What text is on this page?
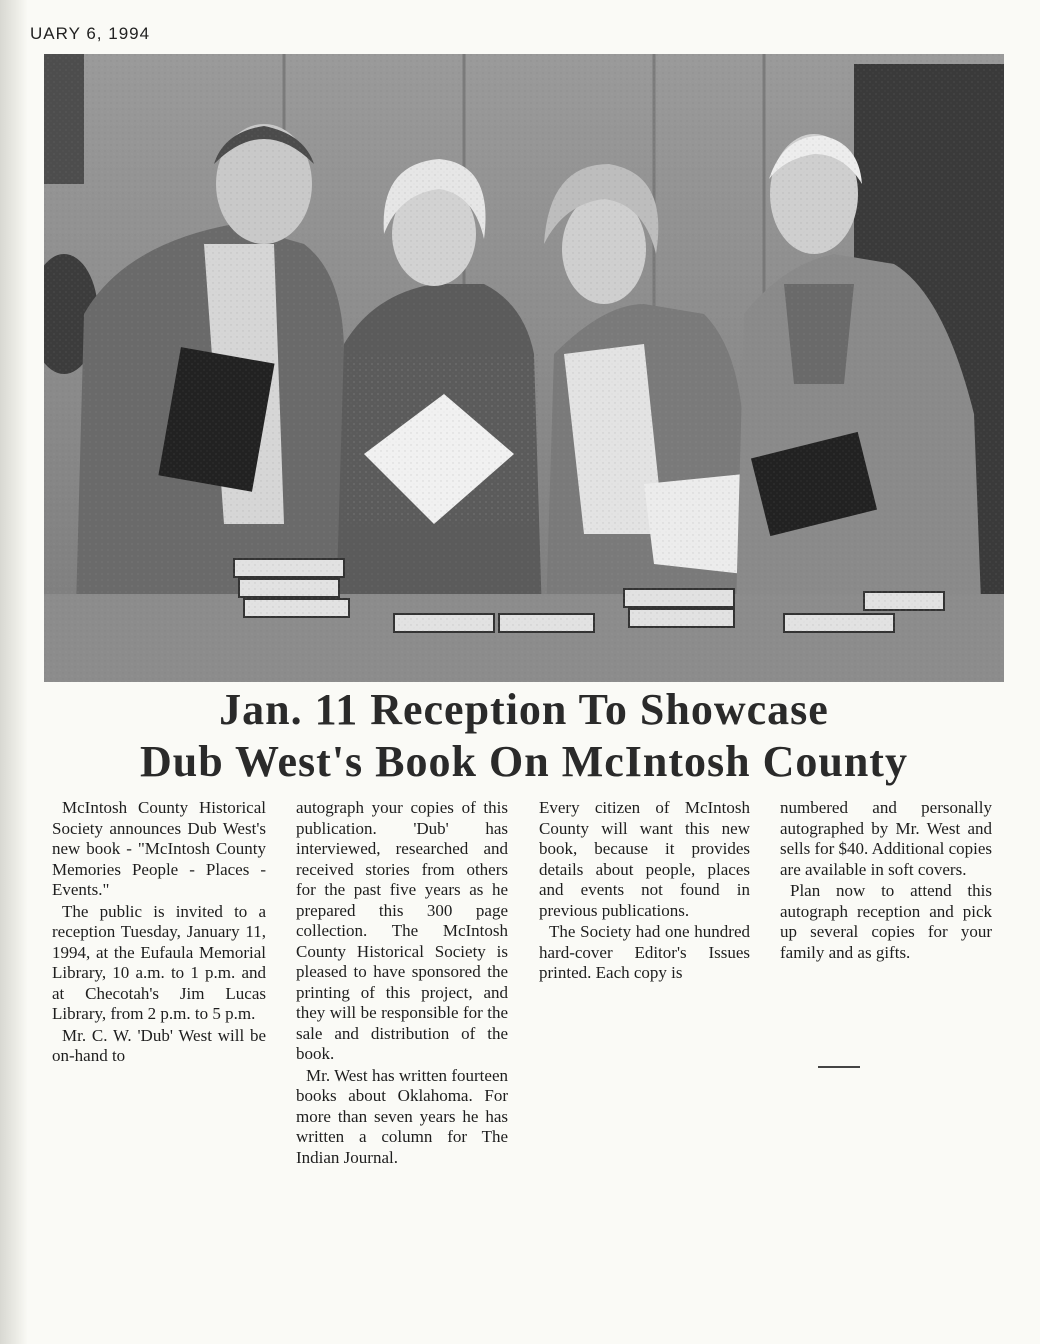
UARY 6, 1994
Jan. 11 Reception To Showcase
Dub West's Book On McIntosh County

McIntosh County Historical Society announces Dub West's new book - "McIntosh County Memories People - Places - Events."

The public is invited to a reception Tuesday, January 11, 1994, at the Eufaula Memorial Library, 10 a.m. to 1 p.m. and at Checotah's Jim Lucas Library, from 2 p.m. to 5 p.m.

Mr. C. W. 'Dub' West will be on-hand to

autograph your copies of this publication. 'Dub' has interviewed, researched and received stories from others for the past five years as he prepared this 300 page collection. The McIntosh County Historical Society is pleased to have sponsored the printing of this project, and they will be responsible for the sale and distribution of the book.

Mr. West has written fourteen books about Oklahoma. For more than seven years he has written a column for The Indian Journal.

Every citizen of McIntosh County will want this new book, because it provides details about people, places and events not found in previous publications.

The Society had one hundred hard-cover Editor's Issues printed. Each copy is

numbered and personally autographed by Mr. West and sells for $40. Additional copies are available in soft covers.

Plan now to attend this autograph reception and pick up several copies for your family and as gifts.
